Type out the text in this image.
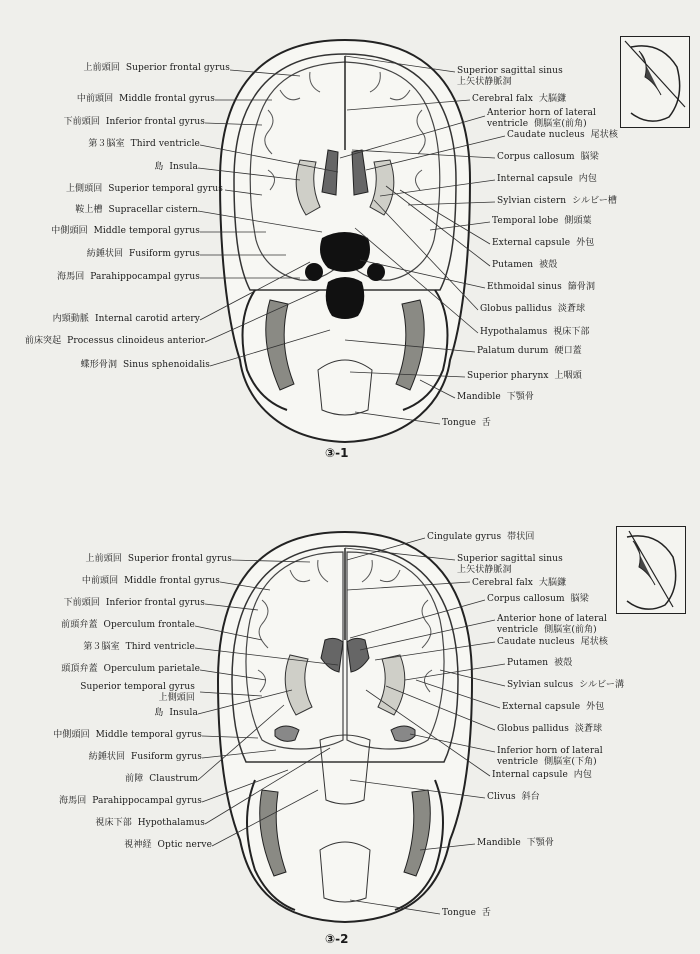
上前頭回  Superior frontal gyrus
中前頭回  Middle frontal gyrus
下前頭回  Inferior frontal gyrus
第３脳室  Third ventricle
島  Insula
上側頭回  Superior temporal gyrus
鞍上槽  Supracellar cistern
中側頭回  Middle temporal gyrus
紡錘状回  Fusiform gyrus
海馬回  Parahippocampal gyrus
内頸動脈  Internal carotid artery
前床突起  Processus clinoideus anterior
蝶形骨洞  Sinus sphenoidalis
Superior sagittal sinus
上矢状静脈洞
Cerebral falx  大脳鎌
Anterior horn of lateral
ventricle  側脳室(前角)
Caudate nucleus  尾状核
Corpus callosum  脳梁
Internal capsule  内包
Sylvian cistern  シルビー槽
Temporal lobe  側頭葉
External capsule  外包
Putamen  被殻
Ethmoidal sinus  篩骨洞
Globus pallidus  淡蒼球
Hypothalamus  視床下部
Palatum durum  硬口蓋
Superior pharynx  上咽頭
Mandible  下顎骨
Tongue  舌
③-1
上前頭回  Superior frontal gyrus
中前頭回  Middle frontal gyrus
下前頭回  Inferior frontal gyrus
前頭弁蓋  Operculum frontale
第３脳室  Third ventricle
頭頂弁蓋  Operculum parietale
Superior temporal gyrus
上側頭回
島  Insula
中側頭回  Middle temporal gyrus
紡錘状回  Fusiform gyrus
前障  Claustrum
海馬回  Parahippocampal gyrus
視床下部  Hypothalamus
視神経  Optic nerve
Cingulate gyrus  帯状回
Superior sagittal sinus
上矢状静脈洞
Cerebral falx  大脳鎌
Corpus callosum  脳梁
Anterior hone of lateral
ventricle  側脳室(前角)
Caudate nucleus  尾状核
Putamen  被殻
Sylvian sulcus  シルビー溝
External capsule  外包
Globus pallidus  淡蒼球
Inferior horn of lateral
ventricle  側脳室(下角)
Internal capsule  内包
Clivus  斜台
Mandible  下顎骨
Tongue  舌
③-2
